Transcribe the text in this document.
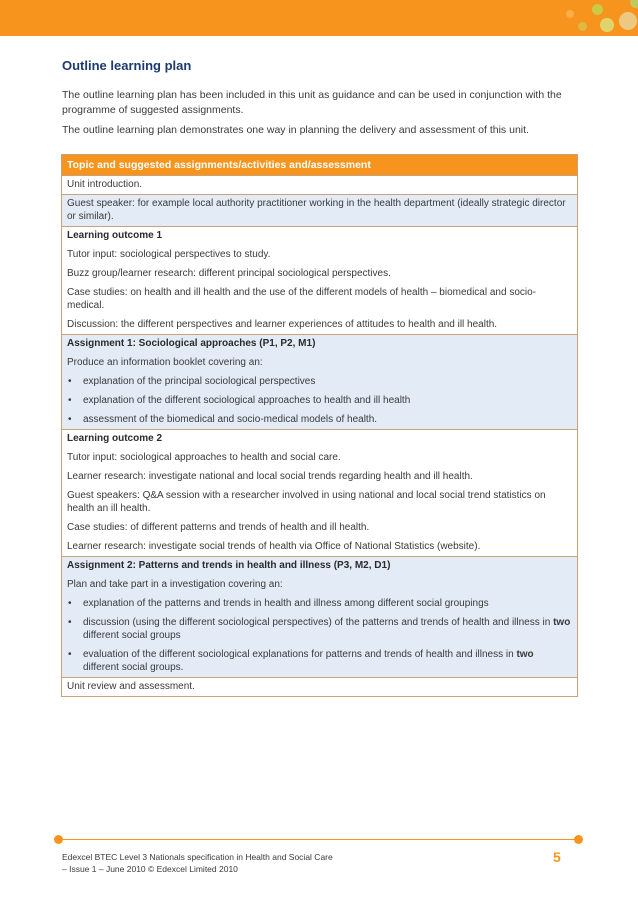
Outline learning plan

The outline learning plan has been included in this unit as guidance and can be used in conjunction with the programme of suggested assignments.

The outline learning plan demonstrates one way in planning the delivery and assessment of this unit.

Topic and suggested assignments/activities and/assessment

Unit introduction.

Guest speaker: for example local authority practitioner working in the health department (ideally strategic director or similar).

Learning outcome 1

Tutor input: sociological perspectives to study.

Buzz group/learner research: different principal sociological perspectives.

Case studies: on health and ill health and the use of the different models of health – biomedical and socio-medical.

Discussion: the different perspectives and learner experiences of attitudes to health and ill health.

Assignment 1: Sociological approaches (P1, P2, M1)

Produce an information booklet covering an:

• explanation of the principal sociological perspectives
• explanation of the different sociological approaches to health and ill health
• assessment of the biomedical and socio-medical models of health.

Learning outcome 2

Tutor input: sociological approaches to health and social care.

Learner research: investigate national and local social trends regarding health and ill health.

Guest speakers: Q&A session with a researcher involved in using national and local social trend statistics on health an ill health.

Case studies: of different patterns and trends of health and ill health.

Learner research: investigate social trends of health via Office of National Statistics (website).

Assignment 2: Patterns and trends in health and illness (P3, M2, D1)

Plan and take part in a investigation covering an:

• explanation of the patterns and trends in health and illness among different social groupings
• discussion (using the different sociological perspectives) of the patterns and trends of health and illness in two different social groups
• evaluation of the different sociological explanations for patterns and trends of health and illness in two different social groups.

Unit review and assessment.

Edexcel BTEC Level 3 Nationals specification in Health and Social Care
– Issue 1 – June 2010 © Edexcel Limited 2010
5
